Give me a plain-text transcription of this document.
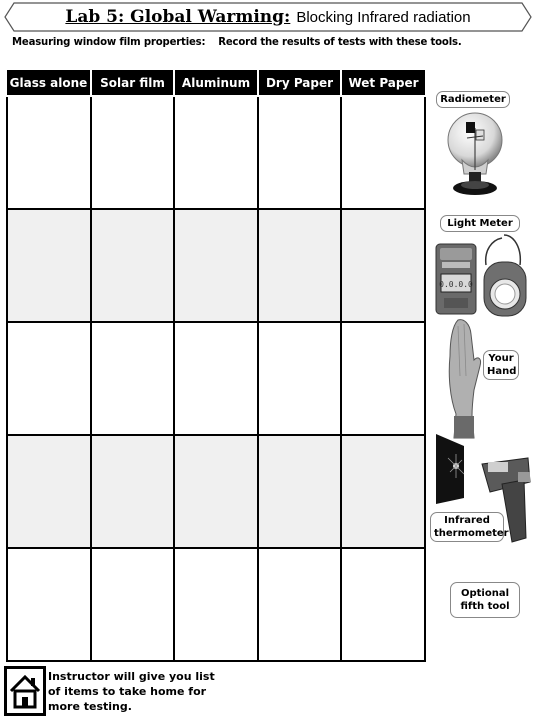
Lab 5: Global Warming: Blocking Infrared radiation
Measuring window film properties: Record the results of tests with these tools.
Glass alone	Solar film	Aluminum	Dry Paper	Wet Paper

Radiometer
Light Meter
0.0.0.0
Your
Hand
Infrared
thermometer
Optional
fifth tool
Instructor will give you list of items to take home for more testing.
